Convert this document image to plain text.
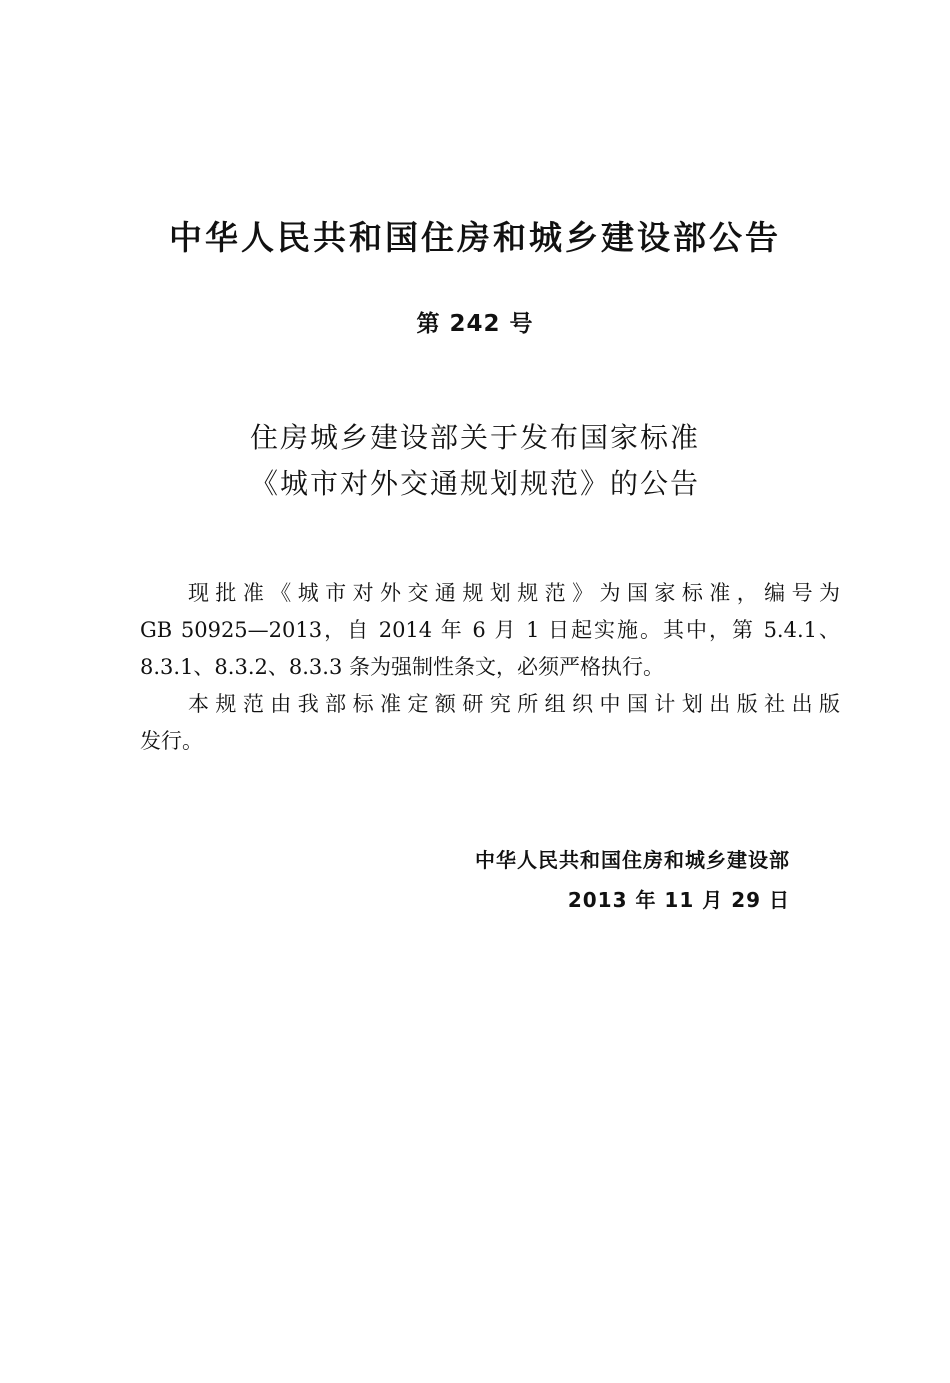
中华人民共和国住房和城乡建设部公告
第 242 号
住房城乡建设部关于发布国家标准
《城市对外交通规划规范》的公告
现批准《城市对外交通规划规范》为国家标准，编号为
GB 50925—2013，自 2014 年 6 月 1 日起实施。其中，第 5.4.1、
8.3.1、8.3.2、8.3.3 条为强制性条文，必须严格执行。
本规范由我部标准定额研究所组织中国计划出版社出版
发行。
中华人民共和国住房和城乡建设部
2013 年 11 月 29 日
